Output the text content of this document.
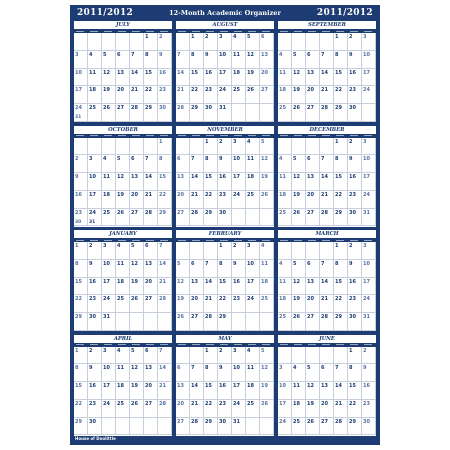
2011/2012	12-Month Academic Organizer	2011/2012
JULY
1 2
3 4 5 6 7 8 9
10 11 12 13 14 15 16
17 18 19 20 21 22 23
31
24 25 26 27 28 29 30
AUGUST
1 2 3 4 5 6
7 8 9 10 11 12 13
14 15 16 17 18 19 20
21 22 23 24 25 26 27
28 29 30 31
SEPTEMBER
1 2 3
4 5 6 7 8 9 10
11 12 13 14 15 16 17
18 19 20 21 22 23 24
25 26 27 28 29 30
OCTOBER
1
2 3 4 5 6 7 8
9 10 11 12 13 14 15
16 17 18 19 20 21 22
30
23
31
24 25 26 27 28 29
NOVEMBER
1 2 3 4 5
6 7 8 9 10 11 12
13 14 15 16 17 18 19
20 21 22 23 24 25 26
27 28 29 30
DECEMBER
1 2 3
4 5 6 7 8 9 10
11 12 13 14 15 16 17
18 19 20 21 22 23 24
25 26 27 28 29 30 31
JANUARY
1 2 3 4 5 6 7
8 9 10 11 12 13 14
15 16 17 18 19 20 21
22 23 24 25 26 27 28
29 30 31
FEBRUARY
1 2 3 4
5 6 7 8 9 10 11
12 13 14 15 16 17 18
19 20 21 22 23 24 25
26 27 28 29
MARCH
1 2 3
4 5 6 7 8 9 10
11 12 13 14 15 16 17
18 19 20 21 22 23 24
25 26 27 28 29 30 31
APRIL
1 2 3 4 5 6 7
8 9 10 11 12 13 14
15 16 17 18 19 20 21
22 23 24 25 26 27 28
29 30
MAY
1 2 3 4 5
6 7 8 9 10 11 12
13 14 15 16 17 18 19
20 21 22 23 24 25 26
27 28 29 30 31
JUNE
1 2
3 4 5 6 7 8 9
10 11 12 13 14 15 16
17 18 19 20 21 22 23
24 25 26 27 28 29 30
House of Doolittle
